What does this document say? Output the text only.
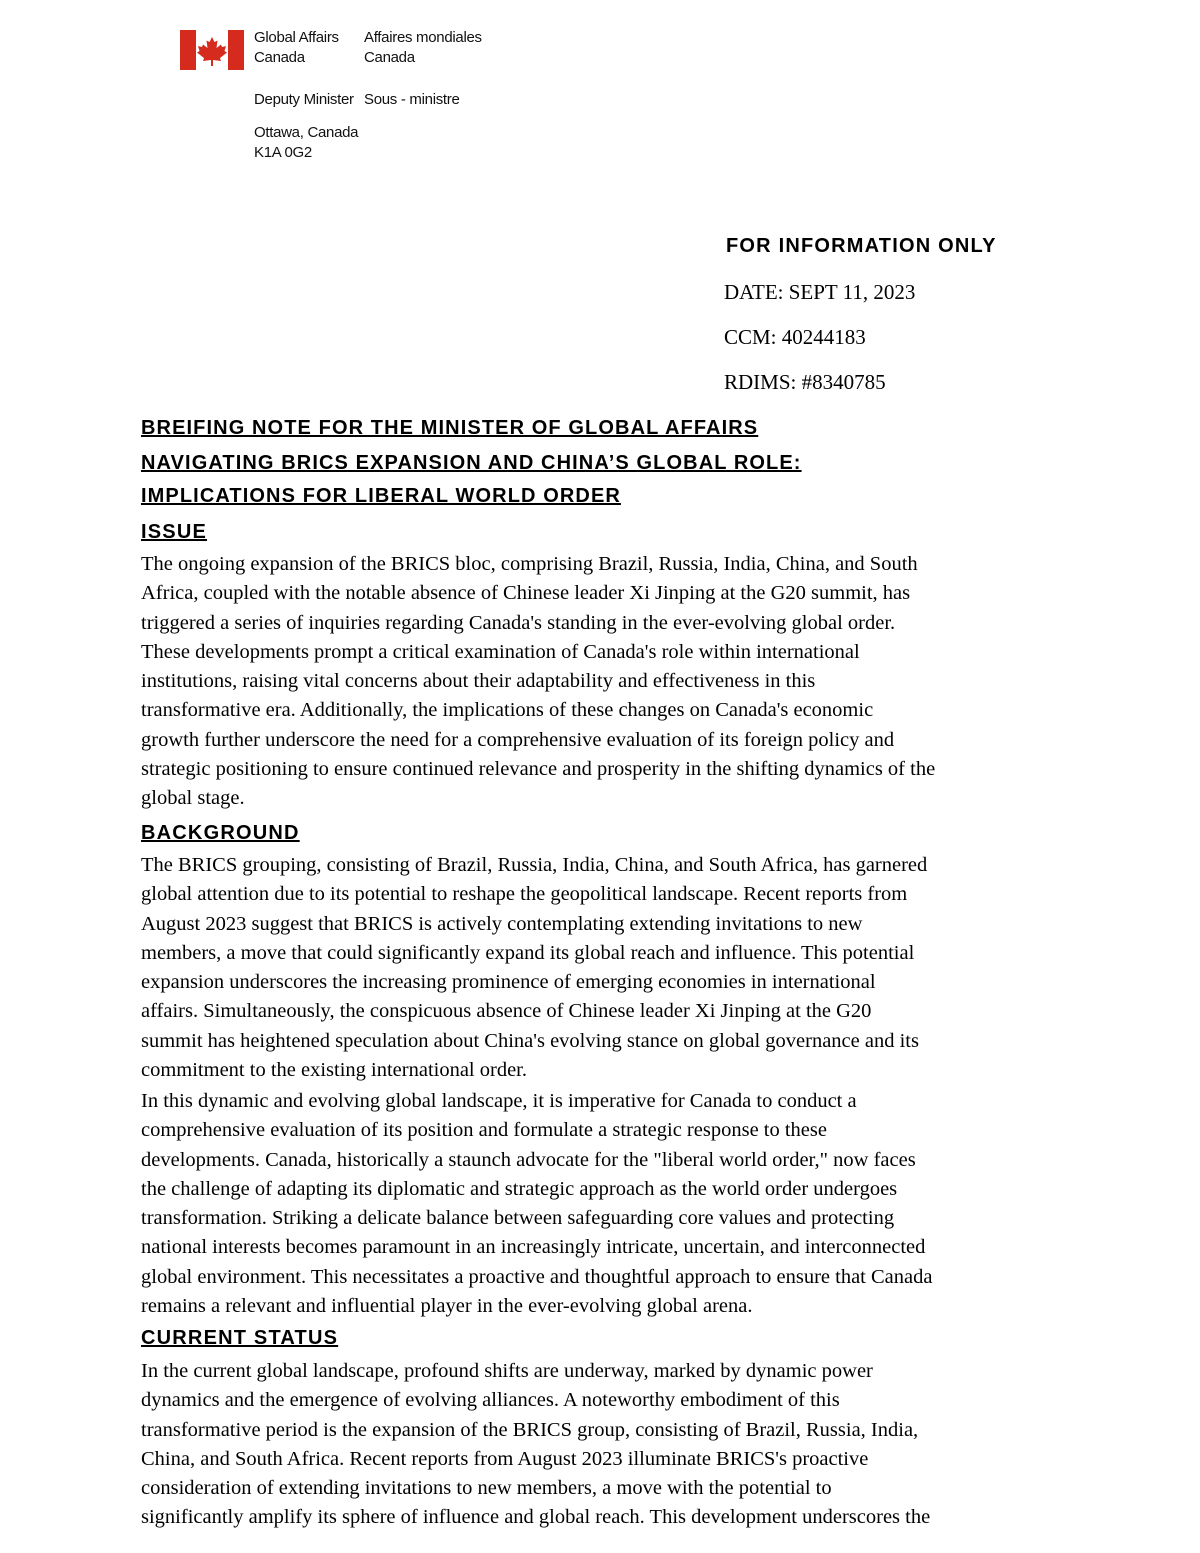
Global Affairs
Canada
Affaires mondiales
Canada
Deputy Minister Sous - ministre
Ottawa, Canada
K1A 0G2
FOR INFORMATION ONLY
DATE: SEPT 11, 2023
CCM: 40244183
RDIMS: #8340785
BREIFING NOTE FOR THE MINISTER OF GLOBAL AFFAIRS
NAVIGATING BRICS EXPANSION AND CHINA’S GLOBAL ROLE:
IMPLICATIONS FOR LIBERAL WORLD ORDER
ISSUE
The ongoing expansion of the BRICS bloc, comprising Brazil, Russia, India, China, and South
Africa, coupled with the notable absence of Chinese leader Xi Jinping at the G20 summit, has
triggered a series of inquiries regarding Canada's standing in the ever-evolving global order.
These developments prompt a critical examination of Canada's role within international
institutions, raising vital concerns about their adaptability and effectiveness in this
transformative era. Additionally, the implications of these changes on Canada's economic
growth further underscore the need for a comprehensive evaluation of its foreign policy and
strategic positioning to ensure continued relevance and prosperity in the shifting dynamics of the
global stage.
BACKGROUND
The BRICS grouping, consisting of Brazil, Russia, India, China, and South Africa, has garnered
global attention due to its potential to reshape the geopolitical landscape. Recent reports from
August 2023 suggest that BRICS is actively contemplating extending invitations to new
members, a move that could significantly expand its global reach and influence. This potential
expansion underscores the increasing prominence of emerging economies in international
affairs. Simultaneously, the conspicuous absence of Chinese leader Xi Jinping at the G20
summit has heightened speculation about China's evolving stance on global governance and its
commitment to the existing international order.
In this dynamic and evolving global landscape, it is imperative for Canada to conduct a
comprehensive evaluation of its position and formulate a strategic response to these
developments. Canada, historically a staunch advocate for the "liberal world order," now faces
the challenge of adapting its diplomatic and strategic approach as the world order undergoes
transformation. Striking a delicate balance between safeguarding core values and protecting
national interests becomes paramount in an increasingly intricate, uncertain, and interconnected
global environment. This necessitates a proactive and thoughtful approach to ensure that Canada
remains a relevant and influential player in the ever-evolving global arena.
CURRENT STATUS
In the current global landscape, profound shifts are underway, marked by dynamic power
dynamics and the emergence of evolving alliances. A noteworthy embodiment of this
transformative period is the expansion of the BRICS group, consisting of Brazil, Russia, India,
China, and South Africa. Recent reports from August 2023 illuminate BRICS's proactive
consideration of extending invitations to new members, a move with the potential to
significantly amplify its sphere of influence and global reach. This development underscores the
